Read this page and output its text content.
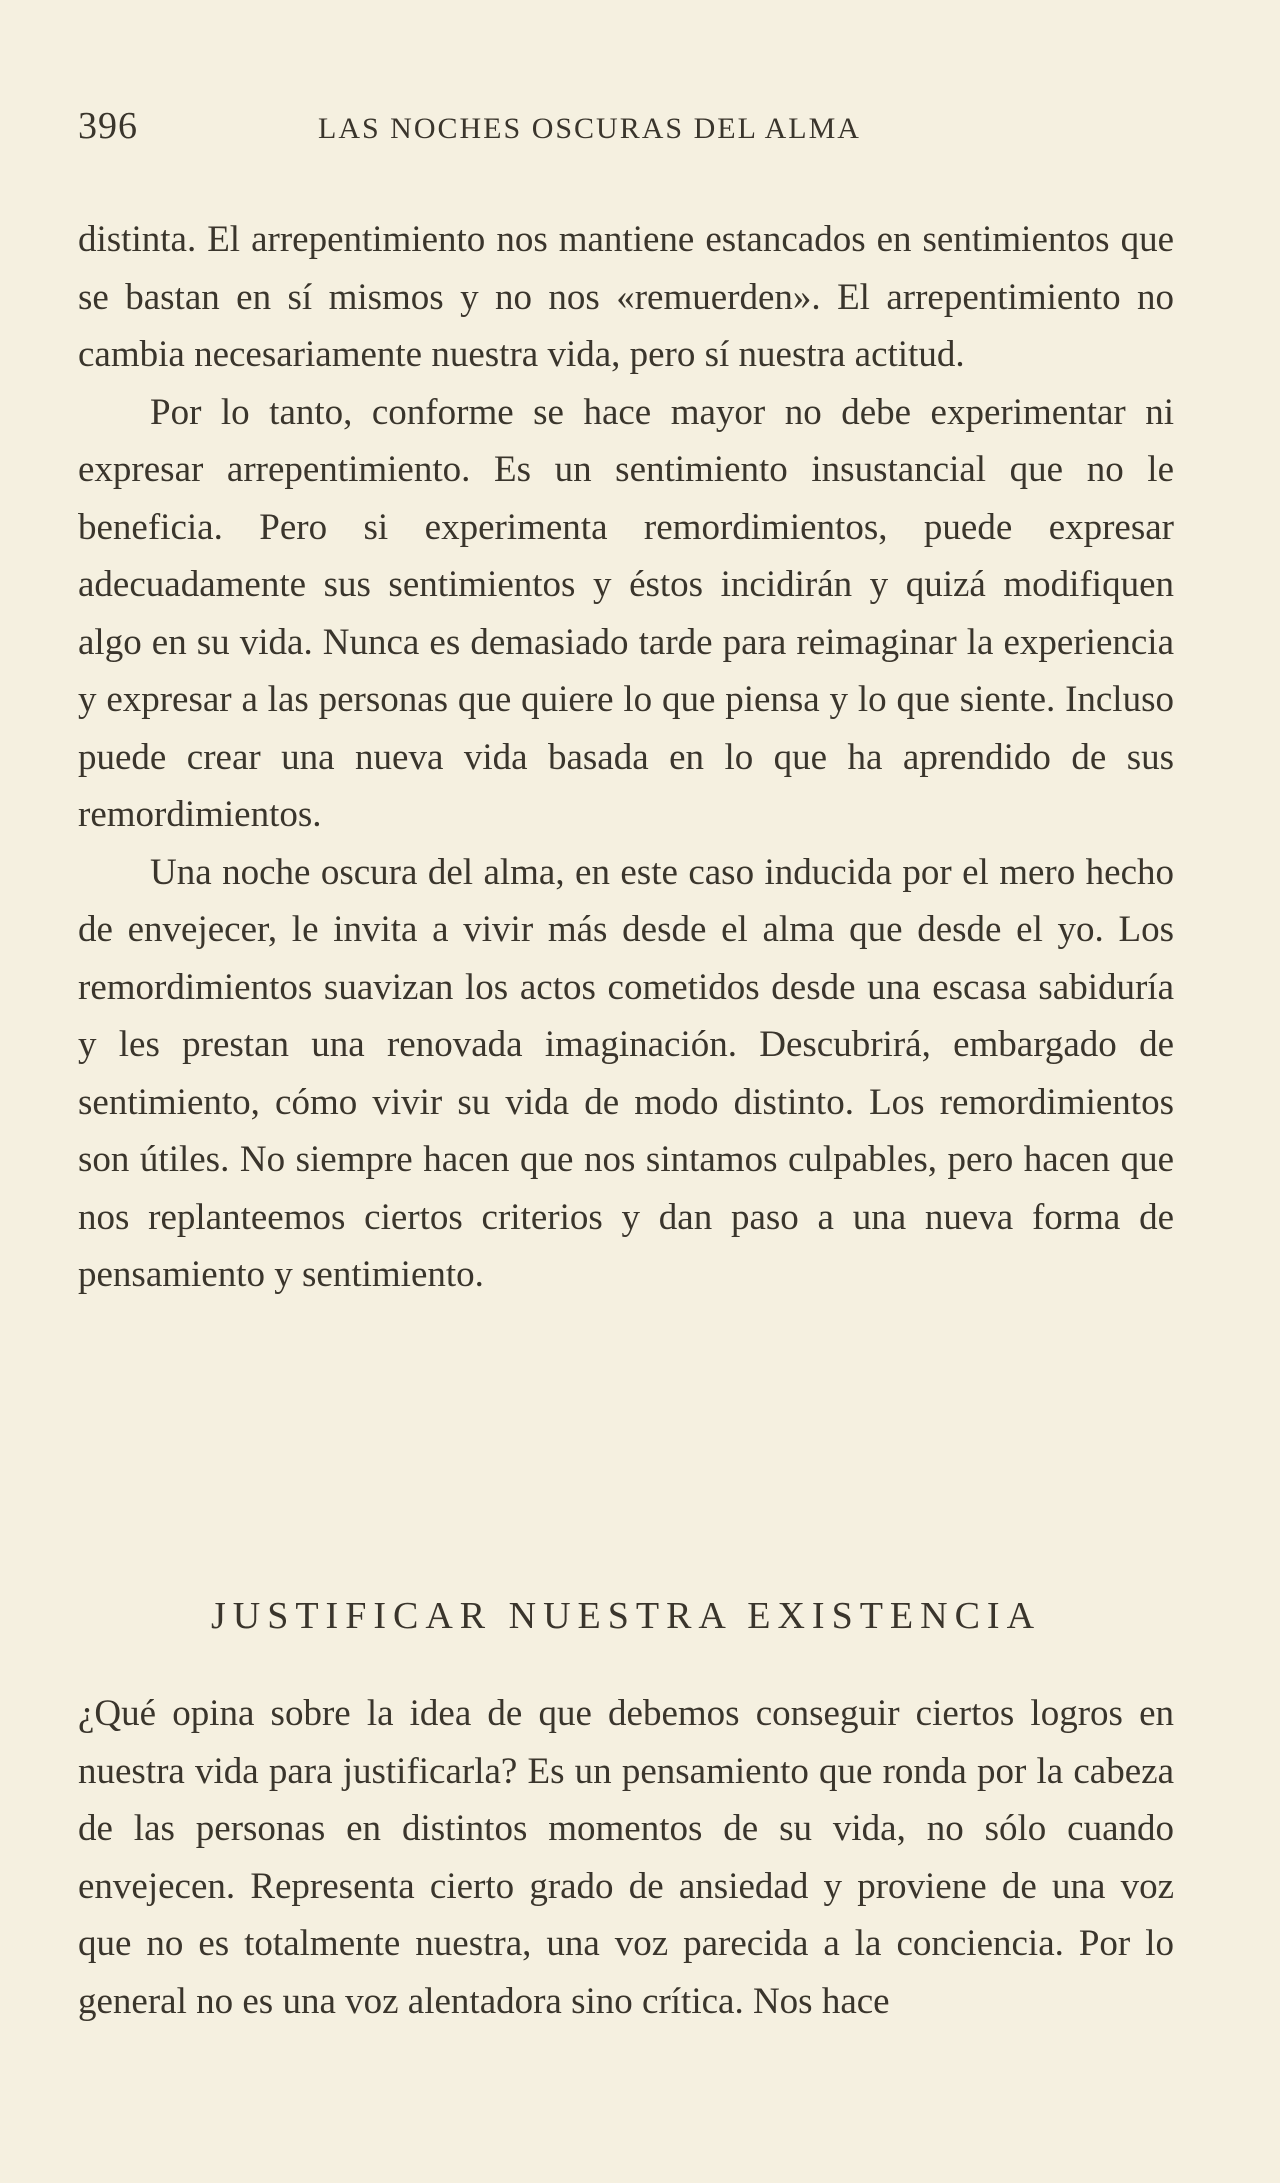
396	LAS NOCHES OSCURAS DEL ALMA

distinta. El arrepentimiento nos mantiene estancados en sentimientos que se bastan en sí mismos y no nos «remuerden». El arrepentimiento no cambia necesariamente nuestra vida, pero sí nuestra actitud.

Por lo tanto, conforme se hace mayor no debe experimentar ni expresar arrepentimiento. Es un sentimiento insustancial que no le beneficia. Pero si experimenta remordimientos, puede expresar adecuadamente sus sentimientos y éstos incidirán y quizá modifiquen algo en su vida. Nunca es demasiado tarde para reimaginar la experiencia y expresar a las personas que quiere lo que piensa y lo que siente. Incluso puede crear una nueva vida basada en lo que ha aprendido de sus remordimientos.

Una noche oscura del alma, en este caso inducida por el mero hecho de envejecer, le invita a vivir más desde el alma que desde el yo. Los remordimientos suavizan los actos cometidos desde una escasa sabiduría y les prestan una renovada imaginación. Descubrirá, embargado de sentimiento, cómo vivir su vida de modo distinto. Los remordimientos son útiles. No siempre hacen que nos sintamos culpables, pero hacen que nos replanteemos ciertos criterios y dan paso a una nueva forma de pensamiento y sentimiento.

JUSTIFICAR NUESTRA EXISTENCIA

¿Qué opina sobre la idea de que debemos conseguir ciertos logros en nuestra vida para justificarla? Es un pensamiento que ronda por la cabeza de las personas en distintos momentos de su vida, no sólo cuando envejecen. Representa cierto grado de ansiedad y proviene de una voz que no es totalmente nuestra, una voz parecida a la conciencia. Por lo general no es una voz alentadora sino crítica. Nos hace
